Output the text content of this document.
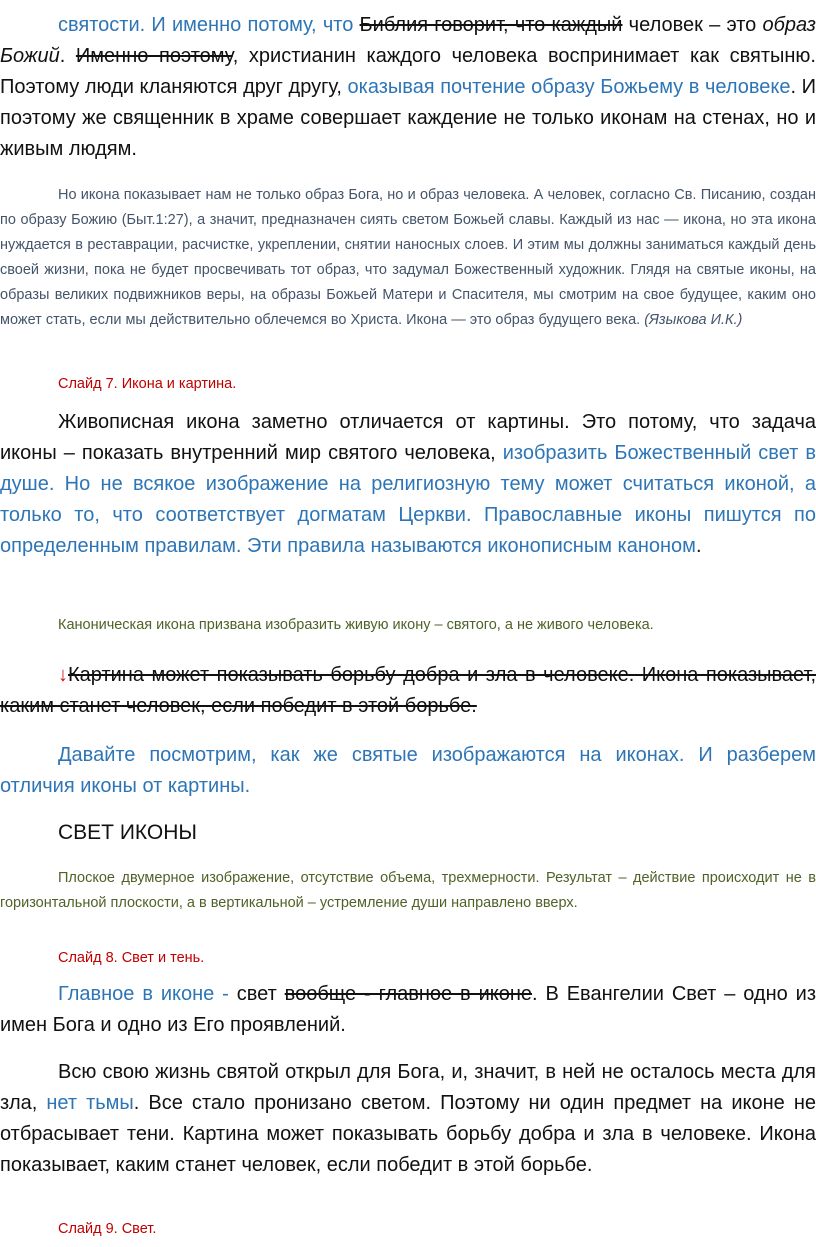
святости. И именно потому, что Библия говорит, что каждый человек – это образ Божий. Именно поэтому, христианин каждого человека воспринимает как святыню. Поэтому люди кланяются друг другу, оказывая почтение образу Божьему в человеке. И поэтому же священник в храме совершает каждение не только иконам на стенах, но и живым людям.

Но икона показывает нам не только образ Бога, но и образ человека. А человек, согласно Св. Писанию, создан по образу Божию (Быт.1:27), а значит, предназначен сиять светом Божьей славы. Каждый из нас — икона, но эта икона нуждается в реставрации, расчистке, укреплении, снятии наносных слоев. И этим мы должны заниматься каждый день своей жизни, пока не будет просвечивать тот образ, что задумал Божественный художник. Глядя на святые иконы, на образы великих подвижников веры, на образы Божьей Матери и Спасителя, мы смотрим на свое будущее, каким оно может стать, если мы действительно облечемся во Христа. Икона — это образ будущего века. (Языкова И.К.)

Слайд 7. Икона и картина.

Живописная икона заметно отличается от картины. Это потому, что задача иконы – показать внутренний мир святого человека, изобразить Божественный свет в душе. Но не всякое изображение на религиозную тему может считаться иконой, а только то, что соответствует догматам Церкви. Православные иконы пишутся по определенным правилам. Эти правила называются иконописным каноном.

Каноническая икона призвана изобразить живую икону – святого, а не живого человека.

↓Картина может показывать борьбу добра и зла в человеке. Икона показывает, каким станет человек, если победит в этой борьбе.

Давайте посмотрим, как же святые изображаются на иконах. И разберем отличия иконы от картины.

СВЕТ ИКОНЫ

Плоское двумерное изображение, отсутствие объема, трехмерности. Результат – действие происходит не в горизонтальной плоскости, а в вертикальной – устремление души направлено вверх.

Слайд 8. Свет и тень.

Главное в иконе - свет вообще - главное в иконе. В Евангелии Свет – одно из имен Бога и одно из Его проявлений.

Всю свою жизнь святой открыл для Бога, и, значит, в ней не осталось места для зла, нет тьмы. Все стало пронизано светом. Поэтому ни один предмет на иконе не отбрасывает тени. Картина может показывать борьбу добра и зла в человеке. Икона показывает, каким станет человек, если победит в этой борьбе.

Слайд 9. Свет.
